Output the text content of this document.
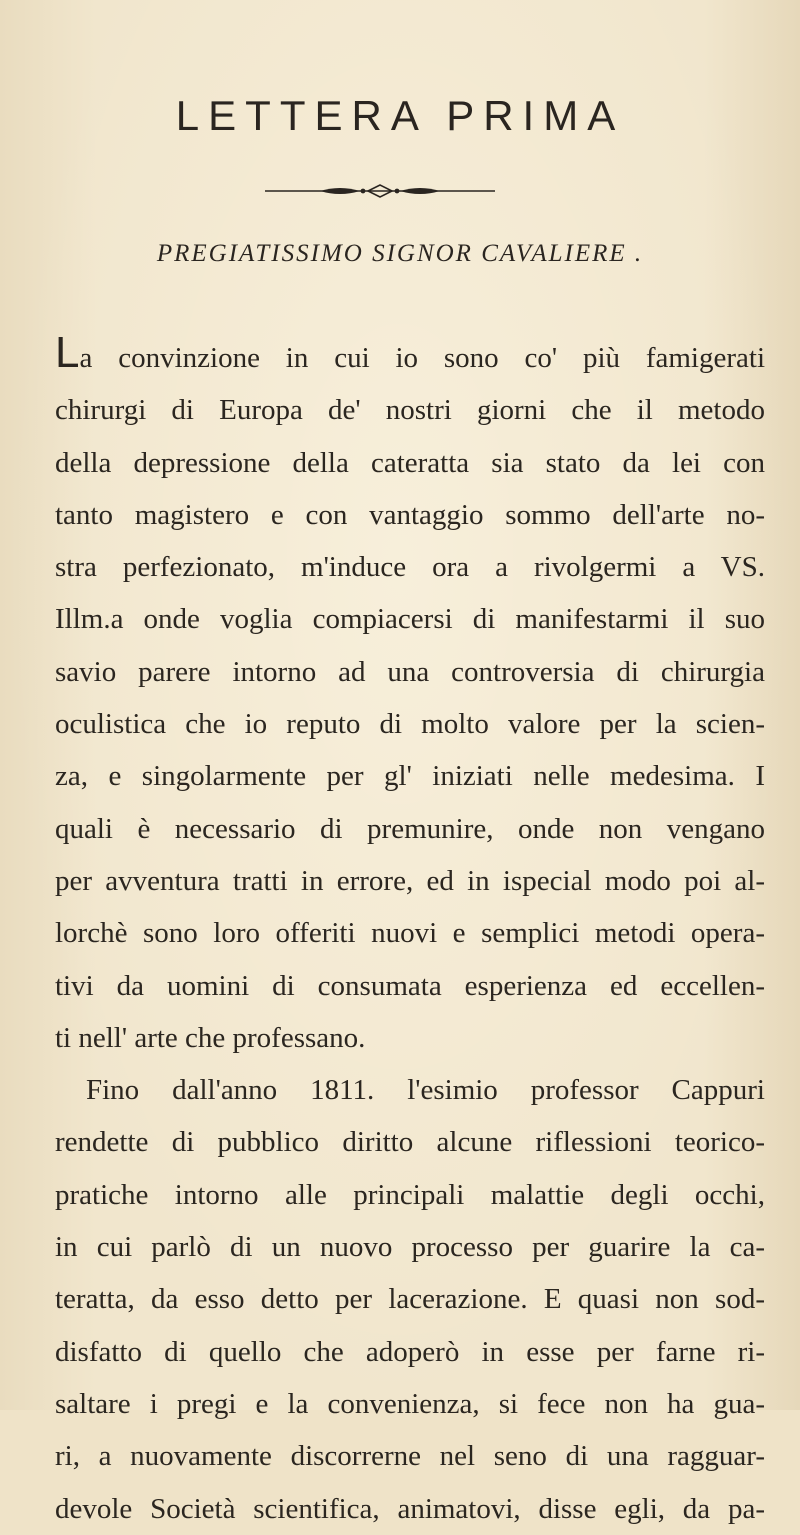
LETTERA PRIMA
PREGIATISSIMO SIGNOR CAVALIERE .
La convinzione in cui io sono co' più famigerati
chirurgi di Europa de' nostri giorni che il metodo
della depressione della cateratta sia stato da lei con
tanto magistero e con vantaggio sommo dell'arte no-
stra perfezionato, m'induce ora a rivolgermi a VS.
Illm.a onde voglia compiacersi di manifestarmi il suo
savio parere intorno ad una controversia di chirurgia
oculistica che io reputo di molto valore per la scien-
za, e singolarmente per gl' iniziati nelle medesima. I
quali è necessario di premunire, onde non vengano
per avventura tratti in errore, ed in ispecial modo poi al-
lorchè sono loro offeriti nuovi e semplici metodi opera-
tivi da uomini di consumata esperienza ed eccellen-
ti nell' arte che professano.
Fino dall'anno 1811. l'esimio professor Cappuri
rendette di pubblico diritto alcune riflessioni teorico-
pratiche intorno alle principali malattie degli occhi,
in cui parlò di un nuovo processo per guarire la ca-
teratta, da esso detto per lacerazione. E quasi non sod-
disfatto di quello che adoperò in esse per farne ri-
saltare i pregi e la convenienza, si fece non ha gua-
ri, a nuovamente discorrerne nel seno di una ragguar-
devole Società scientifica, animatovi, disse egli, da pa-
